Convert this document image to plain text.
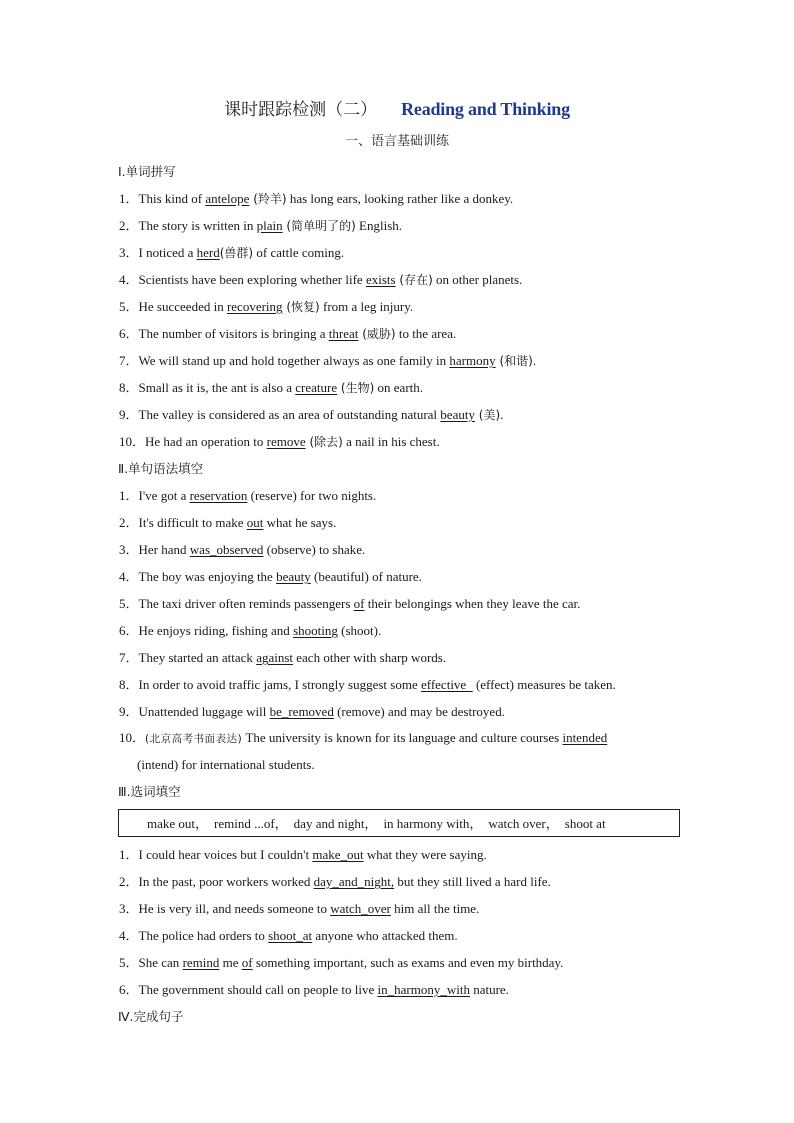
课时跟踪检测（二） Reading and Thinking
一、语言基础训练
Ⅰ.单词拼写
1．This kind of antelope (羚羊) has long ears, looking rather like a donkey.
2．The story is written in plain (简单明了的) English.
3．I noticed a herd(兽群) of cattle coming.
4．Scientists have been exploring whether life exists (存在) on other planets.
5．He succeeded in recovering (恢复) from a leg injury.
6．The number of visitors is bringing a threat (威胁) to the area.
7．We will stand up and hold together always as one family in harmony (和谐).
8．Small as it is, the ant is also a creature (生物) on earth.
9．The valley is considered as an area of outstanding natural beauty (美).
10．He had an operation to remove (除去) a nail in his chest.
Ⅱ.单句语法填空
1．I've got a reservation (reserve) for two nights.
2．It's difficult to make out what he says.
3．Her hand was_observed (observe) to shake.
4．The boy was enjoying the beauty (beautiful) of nature.
5．The taxi driver often reminds passengers of their belongings when they leave the car.
6．He enjoys riding, fishing and shooting (shoot).
7．They started an attack against each other with sharp words.
8．In order to avoid traffic jams, I strongly suggest some effective   (effect) measures be taken.
9．Unattended luggage will be_removed (remove) and may be destroyed.
10．(北京高考书面表达) The university is known for its language and culture courses intended
(intend) for international students.
Ⅲ.选词填空
make out， remind ...of， day and night， in harmony with， watch over， shoot at
1．I could hear voices but I couldn't make_out what they were saying.
2．In the past, poor workers worked day_and_night, but they still lived a hard life.
3．He is very ill, and needs someone to watch_over him all the time.
4．The police had orders to shoot_at anyone who attacked them.
5．She can remind me of something important, such as exams and even my birthday.
6．The government should call on people to live in_harmony_with nature.
Ⅳ.完成句子
